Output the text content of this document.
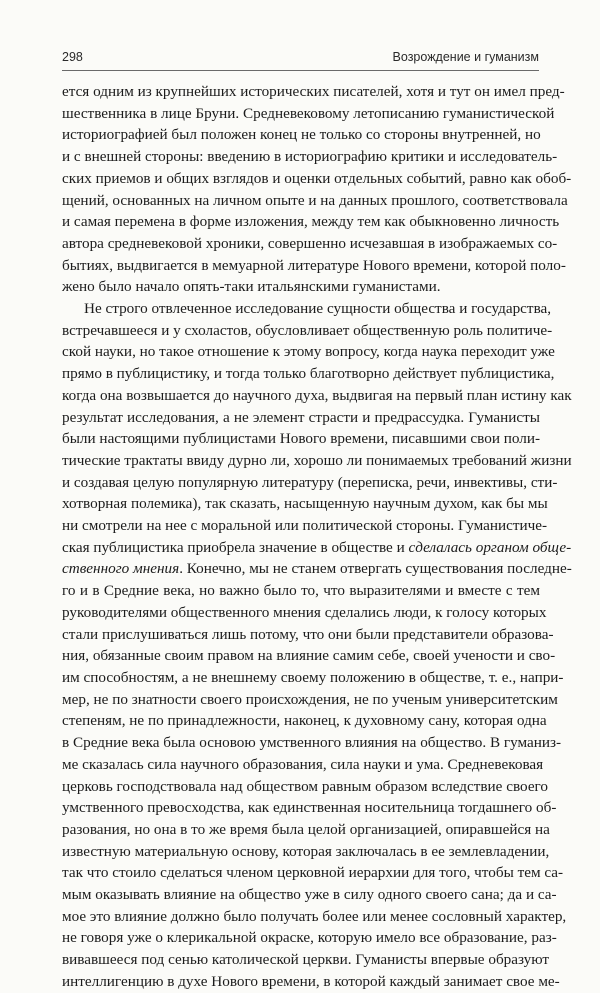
298	Возрождение и гуманизм

ется одним из крупнейших исторических писателей, хотя и тут он имел пред-
шественника в лице Бруни. Средневековому летописанию гуманистической
историографией был положен конец не только со стороны внутренней, но
и с внешней стороны: введению в историографию критики и исследователь-
ских приемов и общих взглядов и оценки отдельных событий, равно как обоб-
щений, основанных на личном опыте и на данных прошлого, соответствовала
и самая перемена в форме изложения, между тем как обыкновенно личность
автора средневековой хроники, совершенно исчезавшая в изображаемых со-
бытиях, выдвигается в мемуарной литературе Нового времени, которой поло-
жено было начало опять-таки итальянскими гуманистами.

Не строго отвлеченное исследование сущности общества и государства,
встречавшееся и у схоластов, обусловливает общественную роль политиче-
ской науки, но такое отношение к этому вопросу, когда наука переходит уже
прямо в публицистику, и тогда только благотворно действует публицистика,
когда она возвышается до научного духа, выдвигая на первый план истину как
результат исследования, а не элемент страсти и предрассудка. Гуманисты
были настоящими публицистами Нового времени, писавшими свои поли-
тические трактаты ввиду дурно ли, хорошо ли понимаемых требований жизни
и создавая целую популярную литературу (переписка, речи, инвективы, сти-
хотворная полемика), так сказать, насыщенную научным духом, как бы мы
ни смотрели на нее с моральной или политической стороны. Гуманистиче-
ская публицистика приобрела значение в обществе и сделалась органом обще-
ственного мнения. Конечно, мы не станем отвергать существования последне-
го и в Средние века, но важно было то, что выразителями и вместе с тем
руководителями общественного мнения сделались люди, к голосу которых
стали прислушиваться лишь потому, что они были представители образова-
ния, обязанные своим правом на влияние самим себе, своей учености и сво-
им способностям, а не внешнему своему положению в обществе, т. е., напри-
мер, не по знатности своего происхождения, не по ученым университетским
степеням, не по принадлежности, наконец, к духовному сану, которая одна
в Средние века была основою умственного влияния на общество. В гуманиз-
ме сказалась сила научного образования, сила науки и ума. Средневековая
церковь господствовала над обществом равным образом вследствие своего
умственного превосходства, как единственная носительница тогдашнего об-
разования, но она в то же время была целой организацией, опиравшейся на
известную материальную основу, которая заключалась в ее землевладении,
так что стоило сделаться членом церковной иерархии для того, чтобы тем са-
мым оказывать влияние на общество уже в силу одного своего сана; да и са-
мое это влияние должно было получать более или менее сословный характер,
не говоря уже о клерикальной окраске, которую имело все образование, раз-
вивавшееся под сенью католической церкви. Гуманисты впервые образуют
интеллигенцию в духе Нового времени, в которой каждый занимает свое ме-
